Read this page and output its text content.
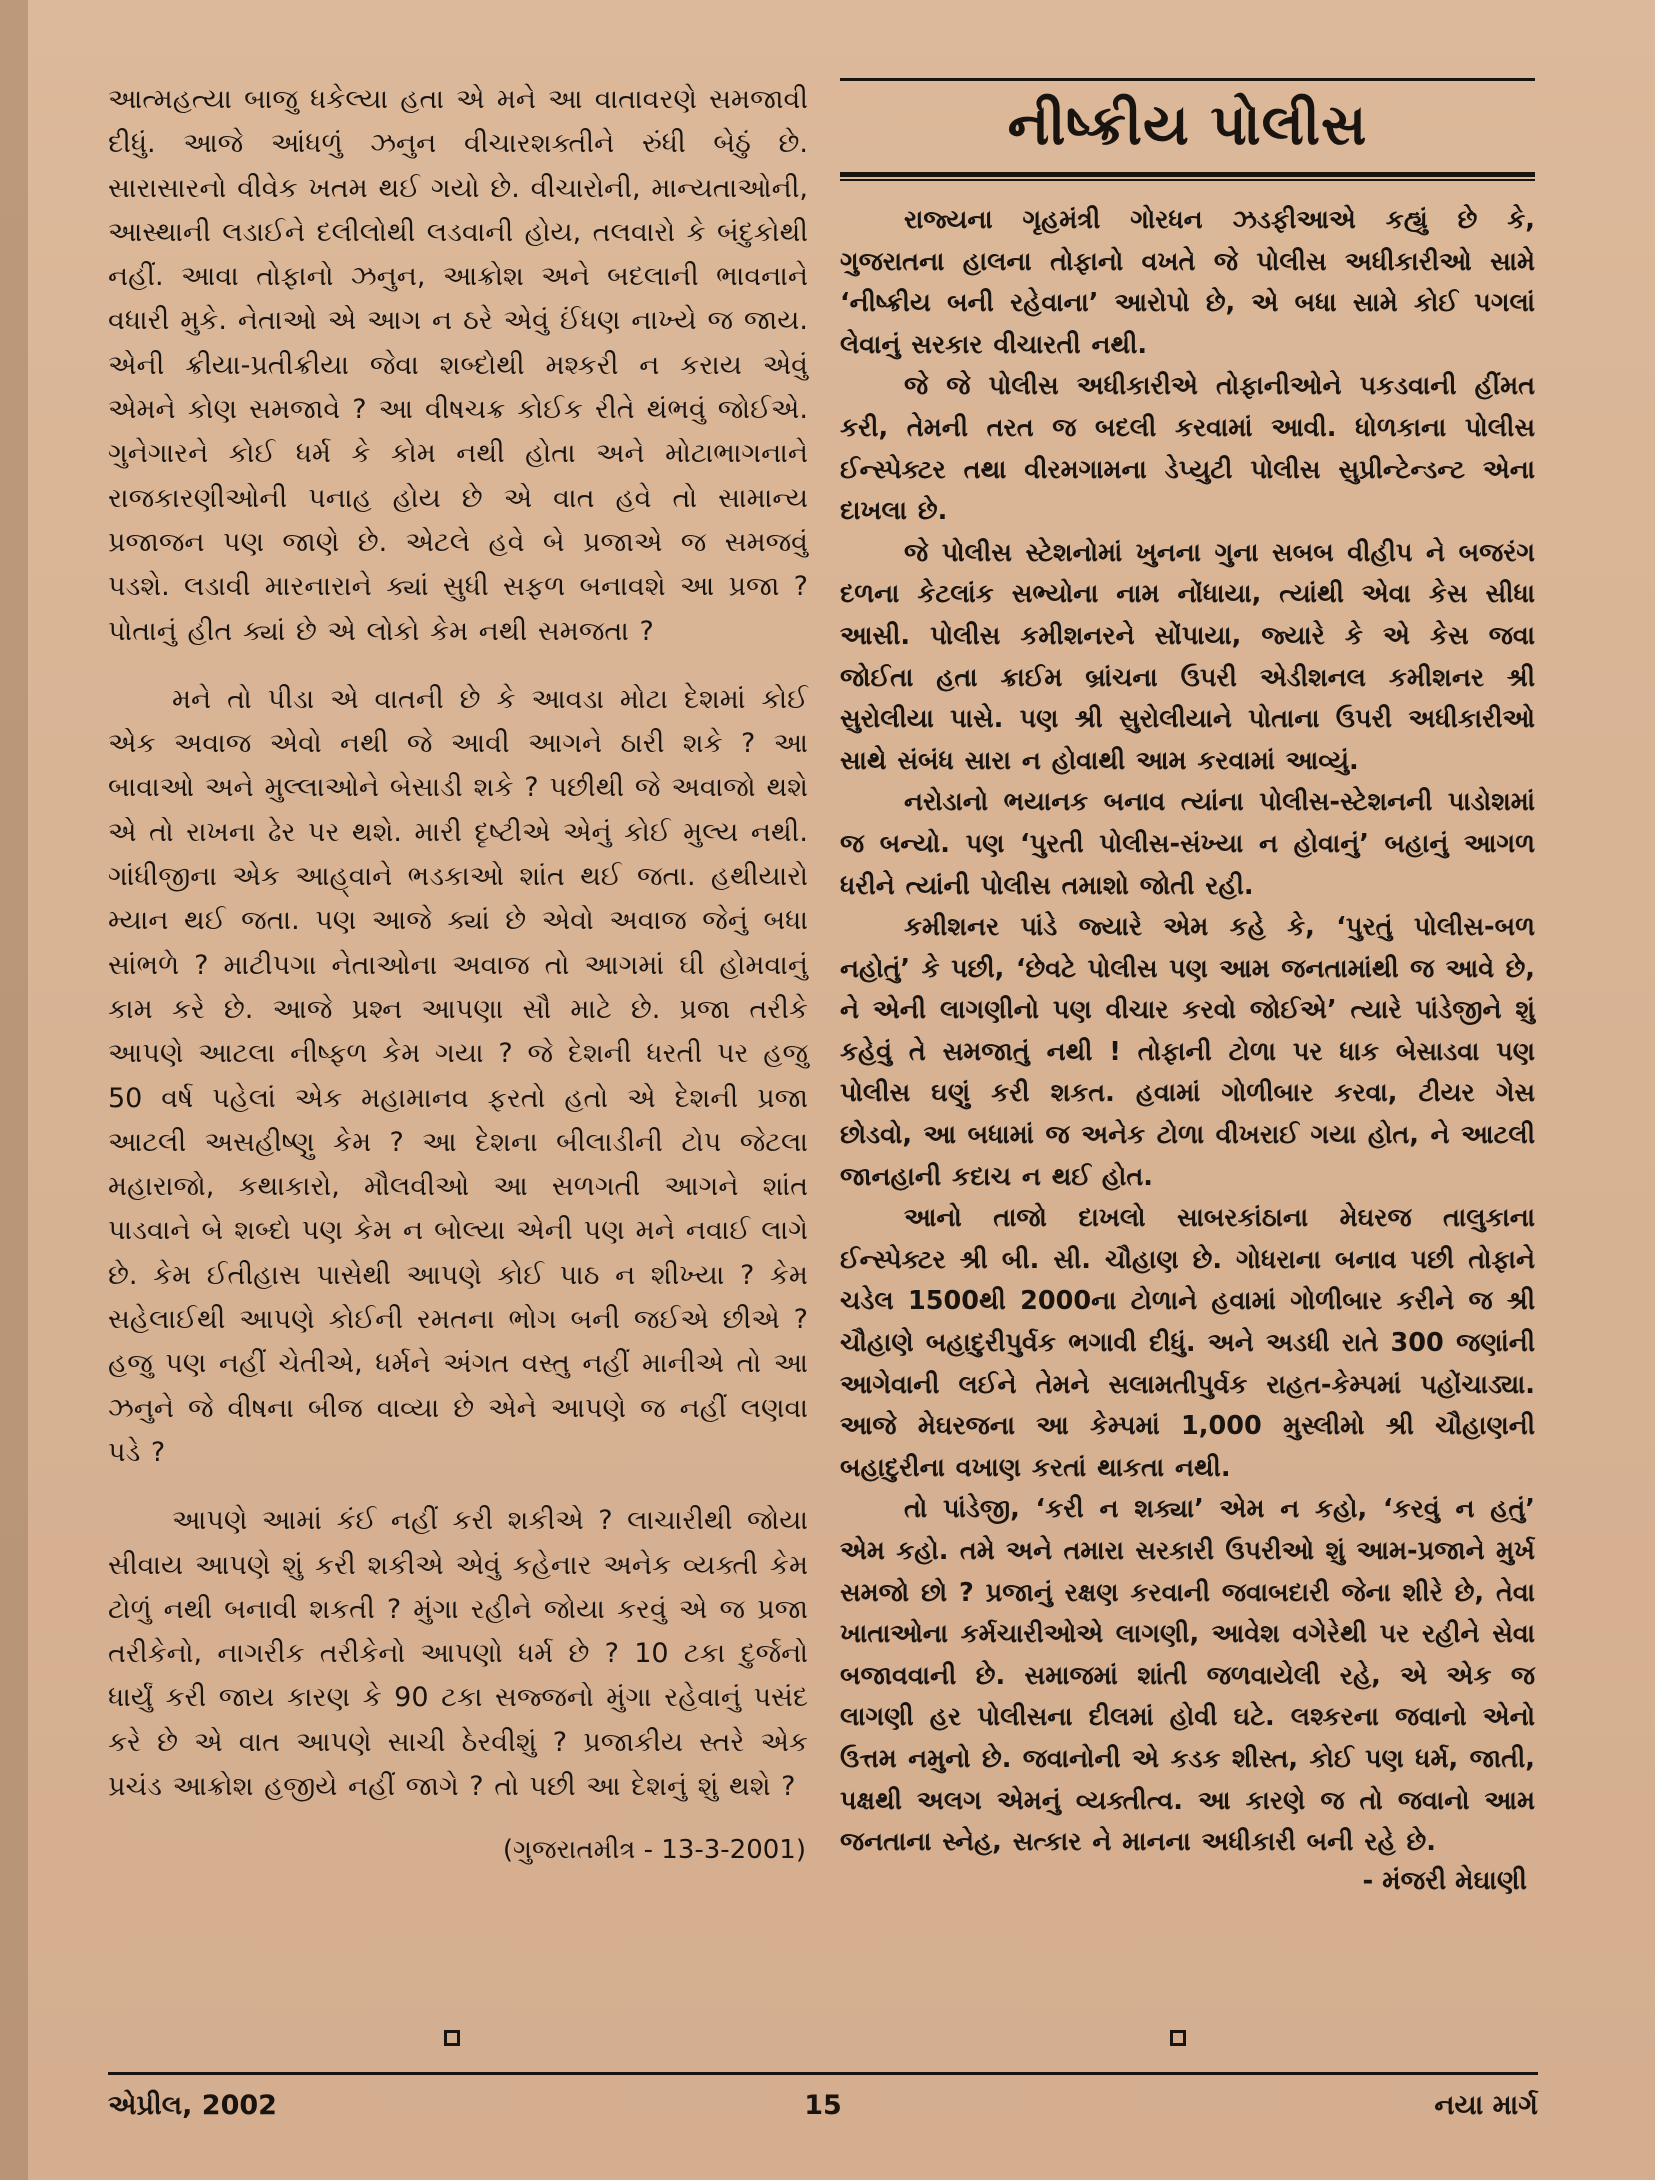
આત્મહત્યા બાજુ ધકેલ્યા હતા એ મને આ વાતાવરણે સમજાવી દીધું. આજે આંધળું ઝનુન વીચારશક્તીને રુંધી બેઠું છે. સારાસારનો વીવેક ખતમ થઈ ગયો છે. વીચારોની, માન્યતાઓની, આસ્થાની લડાઈને દલીલોથી લડવાની હોય, તલવારો કે બંદુકોથી નહીં. આવા તોફાનો ઝનુન, આક્રોશ અને બદલાની ભાવનાને વધારી મુકે. નેતાઓ એ આગ ન ઠરે એવું ઈંધણ નાખ્યે જ જાય. એની ક્રીયા-પ્રતીક્રીયા જેવા શબ્દોથી મશ્કરી ન કરાય એવું એમને કોણ સમજાવે ? આ વીષચક્ર કોઈક રીતે થંભવું જોઈએ. ગુનેગારને કોઈ ધર્મ કે કોમ નથી હોતા અને મોટાભાગનાને રાજકારણીઓની પનાહ હોય છે એ વાત હવે તો સામાન્ય પ્રજાજન પણ જાણે છે. એટલે હવે બે પ્રજાએ જ સમજવું પડશે. લડાવી મારનારાને ક્યાં સુધી સફળ બનાવશે આ પ્રજા ? પોતાનું હીત ક્યાં છે એ લોકો કેમ નથી સમજતા ?

મને તો પીડા એ વાતની છે કે આવડા મોટા દેશમાં કોઈ એક અવાજ એવો નથી જે આવી આગને ઠારી શકે ? આ બાવાઓ અને મુલ્લાઓને બેસાડી શકે ? પછીથી જે અવાજો થશે એ તો રાખના ઢેર પર થશે. મારી દૃષ્ટીએ એનું કોઈ મુલ્ય નથી. ગાંધીજીના એક આહ્‌વાને ભડકાઓ શાંત થઈ જતા. હથીયારો મ્યાન થઈ જતા. પણ આજે ક્યાં છે એવો અવાજ જેનું બધા સાંભળે ? માટીપગા નેતાઓના અવાજ તો આગમાં ઘી હોમવાનું કામ કરે છે. આજે પ્રશ્ન આપણા સૌ માટે છે. પ્રજા તરીકે આપણે આટલા નીષ્ફળ કેમ ગયા ? જે દેશની ધરતી પર હજુ 50 વર્ષ પહેલાં એક મહામાનવ ફરતો હતો એ દેશની પ્રજા આટલી અસહીષ્ણુ કેમ ? આ દેશના બીલાડીની ટોપ જેટલા મહારાજો, કથાકારો, મૌલવીઓ આ સળગતી આગને શાંત પાડવાને બે શબ્દો પણ કેમ ન બોલ્યા એની પણ મને નવાઈ લાગે છે. કેમ ઈતીહાસ પાસેથી આપણે કોઈ પાઠ ન શીખ્યા ? કેમ સહેલાઈથી આપણે કોઈની રમતના ભોગ બની જઈએ છીએ ? હજુ પણ નહીં ચેતીએ, ધર્મને અંગત વસ્તુ નહીં માનીએ તો આ ઝનુને જે વીષના બીજ વાવ્યા છે એને આપણે જ નહીં લણવા પડે ?

આપણે આમાં કંઈ નહીં કરી શકીએ ? લાચારીથી જોયા સીવાય આપણે શું કરી શકીએ એવું કહેનાર અનેક વ્યક્તી કેમ ટોળું નથી બનાવી શકતી ? મુંગા રહીને જોયા કરવું એ જ પ્રજા તરીકેનો, નાગરીક તરીકેનો આપણો ધર્મ છે ? 10 ટકા દુર્જનો ધાર્યું કરી જાય કારણ કે 90 ટકા સજ્જનો મુંગા રહેવાનું પસંદ કરે છે એ વાત આપણે સાચી ઠેરવીશું ? પ્રજાકીય સ્તરે એક પ્રચંડ આક્રોશ હજીયે નહીં જાગે ? તો પછી આ દેશનું શું થશે ?

(ગુજરાતમીત્ર - 13-3-2001)
નીષ્ક્રીય પોલીસ

રાજ્યના ગૃહમંત્રી ગોરધન ઝડફીઆએ કહ્યું છે કે, ગુજરાતના હાલના તોફાનો વખતે જે પોલીસ અધીકારીઓ સામે ‘નીષ્ક્રીય બની રહેવાના’ આરોપો છે, એ બધા સામે કોઈ પગલાં લેવાનું સરકાર વીચારતી નથી.

જે જે પોલીસ અધીકારીએ તોફાનીઓને પકડવાની હીંમત કરી, તેમની તરત જ બદલી કરવામાં આવી. ધોળકાના પોલીસ ઈન્સ્પેક્ટર તથા વીરમગામના ડેપ્યુટી પોલીસ સુપ્રીન્ટેન્ડન્ટ એના દાખલા છે.

જે પોલીસ સ્ટેશનોમાં ખુનના ગુના સબબ વીહીપ ને બજરંગ દળના કેટલાંક સભ્યોના નામ નોંધાયા, ત્યાંથી એવા કેસ સીધા આસી. પોલીસ કમીશનરને સોંપાયા, જ્યારે કે એ કેસ જવા જોઈતા હતા ક્રાઈમ બ્રાંચના ઉપરી એડીશનલ કમીશનર શ્રી સુરોલીયા પાસે. પણ શ્રી સુરોલીયાને પોતાના ઉપરી અધીકારીઓ સાથે સંબંધ સારા ન હોવાથી આમ કરવામાં આવ્યું.

નરોડાનો ભયાનક બનાવ ત્યાંના પોલીસ-સ્ટેશનની પાડોશમાં જ બન્યો. પણ ‘પુરતી પોલીસ-સંખ્યા ન હોવાનું’ બહાનું આગળ ધરીને ત્યાંની પોલીસ તમાશો જોતી રહી.

કમીશનર પાંડે જ્યારે એમ કહે કે, ‘પુરતું પોલીસ-બળ નહોતું’ કે પછી, ‘છેવટે પોલીસ પણ આમ જનતામાંથી જ આવે છે, ને એની લાગણીનો પણ વીચાર કરવો જોઈએ’ ત્યારે પાંડેજીને શું કહેવું તે સમજાતું નથી ! તોફાની ટોળા પર ધાક બેસાડવા પણ પોલીસ ઘણું કરી શકત. હવામાં ગોળીબાર કરવા, ટીયર ગેસ છોડવો, આ બધામાં જ અનેક ટોળા વીખરાઈ ગયા હોત, ને આટલી જાનહાની કદાચ ન થઈ હોત.

આનો તાજો દાખલો સાબરકાંઠાના મેઘરજ તાલુકાના ઈન્સ્પેક્ટર શ્રી બી. સી. ચૌહાણ છે. ગોધરાના બનાવ પછી તોફાને ચડેલ 1500થી 2000ના ટોળાને હવામાં ગોળીબાર કરીને જ શ્રી ચૌહાણે બહાદુરીપુર્વક ભગાવી દીધું. અને અડધી રાતે 300 જણાંની આગેવાની લઈને તેમને સલામતીપુર્વક રાહત-કેમ્પમાં પહોંચાડ્યા. આજે મેઘરજના આ કેમ્પમાં 1,000 મુસ્લીમો શ્રી ચૌહાણની બહાદુરીના વખાણ કરતાં થાકતા નથી.

તો પાંડેજી, ‘કરી ન શક્યા’ એમ ન કહો, ‘કરવું ન હતું’ એમ કહો. તમે અને તમારા સરકારી ઉપરીઓ શું આમ-પ્રજાને મુર્ખ સમજો છો ? પ્રજાનું રક્ષણ કરવાની જવાબદારી જેના શીરે છે, તેવા ખાતાઓના કર્મચારીઓએ લાગણી, આવેશ વગેરેથી પર રહીને સેવા બજાવવાની છે. સમાજમાં શાંતી જળવાયેલી રહે, એ એક જ લાગણી હર પોલીસના દીલમાં હોવી ઘટે. લશ્કરના જવાનો એનો ઉત્તમ નમુનો છે. જવાનોની એ કડક શીસ્ત, કોઈ પણ ધર્મ, જાતી, પક્ષથી અલગ એમનું વ્યક્તીત્વ. આ કારણે જ તો જવાનો આમ જનતાના સ્નેહ, સત્કાર ને માનના અધીકારી બની રહે છે.

- મંજરી મેઘાણી
એપ્રીલ, 2002	15	નયા માર્ગ
